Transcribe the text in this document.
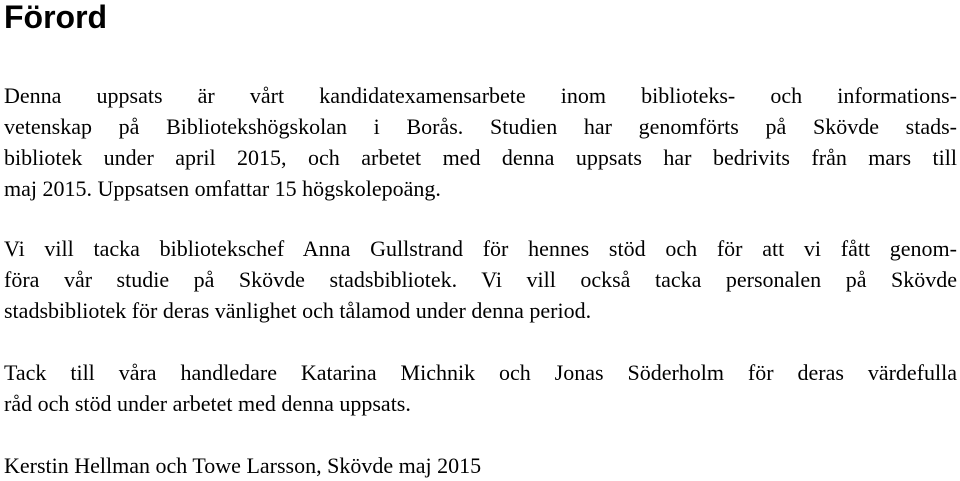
Förord

Denna uppsats är vårt kandidatexamensarbete inom biblioteks- och informations-
vetenskap på Bibliotekshögskolan i Borås. Studien har genomförts på Skövde stads-
bibliotek under april 2015, och arbetet med denna uppsats har bedrivits från mars till
maj 2015. Uppsatsen omfattar 15 högskolepoäng.

Vi vill tacka bibliotekschef Anna Gullstrand för hennes stöd och för att vi fått genom-
föra vår studie på Skövde stadsbibliotek. Vi vill också tacka personalen på Skövde
stadsbibliotek för deras vänlighet och tålamod under denna period.

Tack till våra handledare Katarina Michnik och Jonas Söderholm för deras värdefulla
råd och stöd under arbetet med denna uppsats.

Kerstin Hellman och Towe Larsson, Skövde maj 2015
